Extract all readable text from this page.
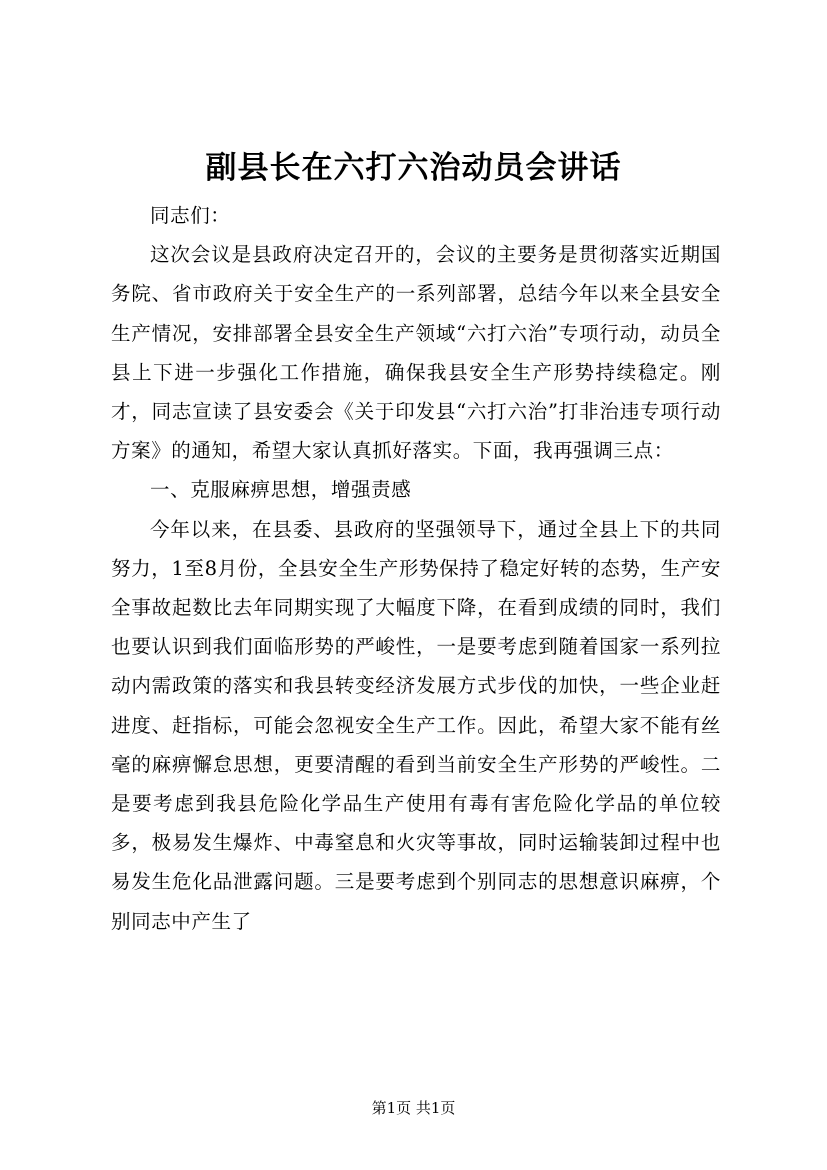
副县长在六打六治动员会讲话

同志们：

这次会议是县政府决定召开的，会议的主要务是贯彻落实近期国务院、省市政府关于安全生产的一系列部署，总结今年以来全县安全生产情况，安排部署全县安全生产领域“六打六治”专项行动，动员全县上下进一步强化工作措施，确保我县安全生产形势持续稳定。刚才，同志宣读了县安委会《关于印发县“六打六治”打非治违专项行动方案》的通知，希望大家认真抓好落实。下面，我再强调三点：

一、克服麻痹思想，增强责感

今年以来，在县委、县政府的坚强领导下，通过全县上下的共同努力，1至8月份，全县安全生产形势保持了稳定好转的态势，生产安全事故起数比去年同期实现了大幅度下降，在看到成绩的同时，我们也要认识到我们面临形势的严峻性，一是要考虑到随着国家一系列拉动内需政策的落实和我县转变经济发展方式步伐的加快，一些企业赶进度、赶指标，可能会忽视安全生产工作。因此，希望大家不能有丝毫的麻痹懈怠思想，更要清醒的看到当前安全生产形势的严峻性。二是要考虑到我县危险化学品生产使用有毒有害危险化学品的单位较多，极易发生爆炸、中毒窒息和火灾等事故，同时运输装卸过程中也易发生危化品泄露问题。三是要考虑到个别同志的思想意识麻痹，个别同志中产生了

第1页 共1页
